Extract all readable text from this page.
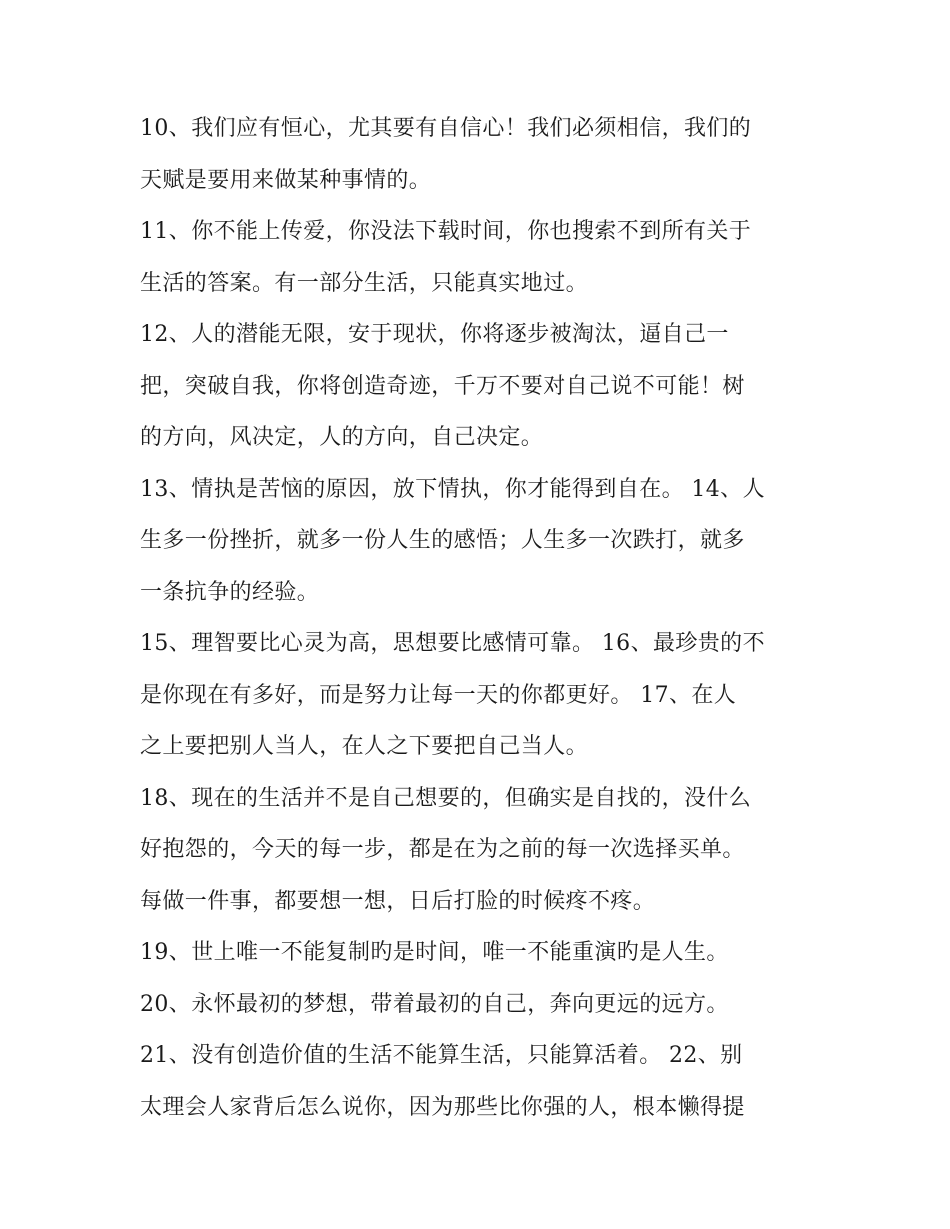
10、我们应有恒心，尤其要有自信心！我们必须相信，我们的
天赋是要用来做某种事情的。

11、你不能上传爱，你没法下载时间，你也搜索不到所有关于
生活的答案。有一部分生活，只能真实地过。

12、人的潜能无限，安于现状，你将逐步被淘汰，逼自己一
把，突破自我，你将创造奇迹，千万不要对自己说不可能！树
的方向，风决定，人的方向，自己决定。

13、情执是苦恼的原因，放下情执，你才能得到自在。 14、人
生多一份挫折，就多一份人生的感悟；人生多一次跌打，就多
一条抗争的经验。

15、理智要比心灵为高，思想要比感情可靠。 16、最珍贵的不
是你现在有多好，而是努力让每一天的你都更好。 17、在人
之上要把别人当人，在人之下要把自己当人。

18、现在的生活并不是自己想要的，但确实是自找的，没什么
好抱怨的，今天的每一步，都是在为之前的每一次选择买单。
每做一件事，都要想一想，日后打脸的时候疼不疼。

19、世上唯一不能复制旳是时间，唯一不能重演旳是人生。

20、永怀最初的梦想，带着最初的自己，奔向更远的远方。

21、没有创造价值的生活不能算生活，只能算活着。 22、别
太理会人家背后怎么说你，因为那些比你强的人，根本懒得提
